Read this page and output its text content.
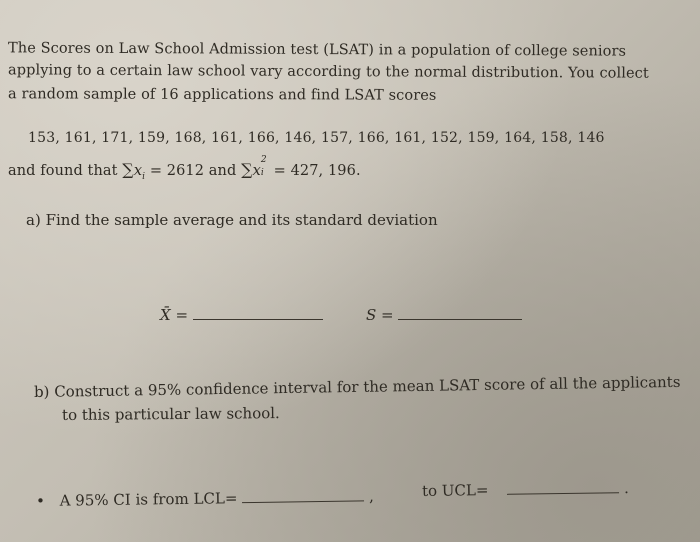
The Scores on Law School Admission test (LSAT) in a population of college seniors
applying to a certain law school vary according to the normal distribution. You collect
a random sample of 16 applications and find LSAT scores
153, 161, 171, 159, 168, 161, 166, 146, 157, 166, 161, 152, 159, 164, 158, 146
and found that $\sum x_i = 2612$ and ∑x
2
i = 427, 196.
a) Find the sample average and its standard deviation
X̄ =	S =
b) Construct a 95% confidence interval for the mean LSAT score of all the applicants
to this particular law school.
• A 95% CI is from LCL=	,	to UCL=	.
